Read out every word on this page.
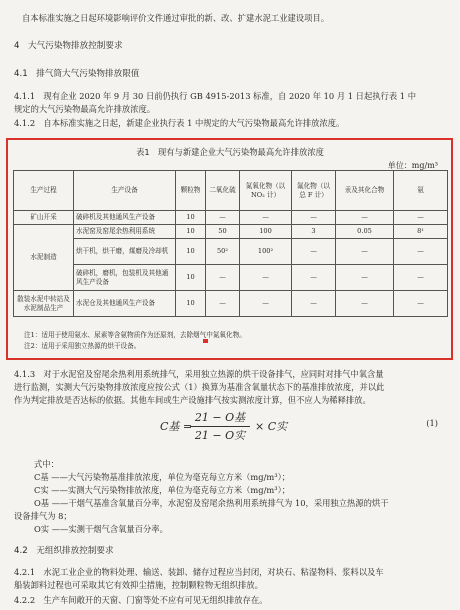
自本标准实施之日起环境影响评价文件通过审批的新、改、扩建水泥工业建设项目。
4　大气污染物排放控制要求
4.1　排气筒大气污染物排放限值
4.1.1　现有企业 2020 年 9 月 30 日前仍执行 GB 4915-2013 标准，自 2020 年 10 月 1 日起执行表 1 中
规定的大气污染物最高允许排放浓度。
4.1.2　自本标准实施之日起，新建企业执行表 1 中规定的大气污染物最高允许排放浓度。
表1　现有与新建企业大气污染物最高允许排放浓度
单位：mg/m³
生产过程	生产设备	颗粒物	二氧化硫	氮氧化物（以 NO₂ 计）	氟化物（以总 F 计）	汞及其化合物	氨
矿山开采	破碎机及其他通风生产设备	10	—	—	—	—	—
水泥制造	水泥窑及窑尾余热利用系统	10	50	100	3	0.05	8¹
	烘干机，烘干磨，煤磨及冷却机	10	50²	100²	—	—	—
	破碎机，磨机，包装机及其他通风生产设备	10	—	—	—	—	—
散装水泥中转站及水泥制品生产	水泥仓及其他通风生产设备	10	—	—	—	—	—
注1：适用于使用氨水、尿素等含氨物质作为还原剂，去除烟气中氮氧化物。
注2：适用于采用独立热源的烘干设备。
4.1.3　对于水泥窑及窑尾余热利用系统排气，采用独立热源的烘干设备排气，应同时对排气中氧含量
进行监测，实测大气污染物排放浓度应按公式（1）换算为基准含氧量状态下的基准排放浓度，并以此
作为判定排放是否达标的依据。其他车间或生产设施排气按实测浓度计算，但不应人为稀释排放。
C基 =
21 − O基
21 − O实
× C实	(1)
式中：
C基 ——大气污染物基准排放浓度，单位为毫克每立方米（mg/m³）；
C实 ——实测大气污染物排放浓度，单位为毫克每立方米（mg/m³）；
O基 ——干烟气基准含氧量百分率，水泥窑及窑尾余热利用系统排气为 10，采用独立热源的烘干
设备排气为 8；
O实 ——实测干烟气含氧量百分率。
4.2　无组织排放控制要求
4.2.1　水泥工业企业的物料处理、输送、装卸、储存过程应当封闭，对块石、粘湿物料、浆料以及车
船装卸料过程也可采取其它有效抑尘措施，控制颗粒物无组织排放。
4.2.2　生产车间敞开的天窗、门窗等处不应有可见无组织排放存在。
